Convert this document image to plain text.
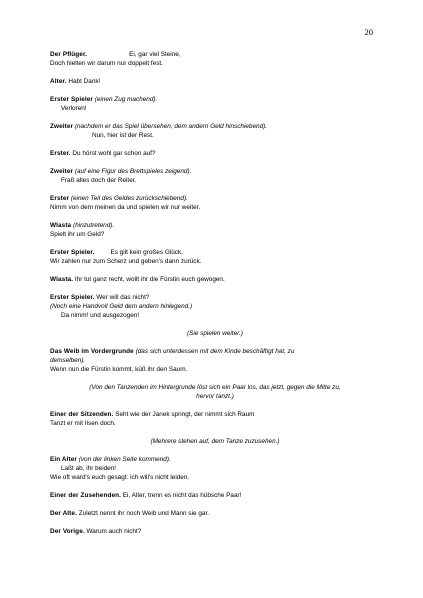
20
Der Pflüger.	Ei, gar viel Steine,
Doch hielten wir darum nur doppelt fest.
Alter. Habt Dank!
Erster Spieler (einen Zug machend).
Verloren!
Zweiter (nachdem er das Spiel übersehen, dem andern Geld hinschiebend).
Nun, hier ist der Rest.
Erster. Du hörst wohl gar schon auf?
Zweiter (auf eine Figur des Brettspieles zeigend).
Fraß alles doch der Reiter.
Erster (einen Teil des Geldes zurückschiebend).
Nimm von dem meinen da und spielen wir nur weiter.
Wlasta (hinzutretend).
Spielt ihr um Geld?
Erster Spieler.	Es gilt kein großes Glück,
Wir zahlen nur zum Scherz und geben's dann zurück.
Wlasta. Ihr tut ganz recht, wollt ihr die Fürstin euch gewogen.
Erster Spieler. Wer will das nicht?
(Noch eine Handvoll Geld dem andern hinlegend.)
Da nimm! und ausgezogen!
(Sie spielen weiter.)
Das Weib im Vordergrunde (das sich unterdessen mit dem Kinde beschäftigt hat, zu
demselben).
Wenn nun die Fürstin kommt, küß ihr den Saum.
(Von den Tanzenden im Hintergrunde löst sich ein Paar los, das jetzt, gegen die Mitte zu,
hervor tanzt.)
Einer der Sitzenden. Seht wie der Janek springt, der nimmt sich Raum
Tanzt er mit Ilsen doch.
(Mehrere stehen auf, dem Tanze zuzusehen.)
Ein Alter (von der linken Seite kommend).
Laßt ab, ihr beiden!
Wie oft ward's euch gesagt: ich will's nicht leiden.
Einer der Zusehenden. Ei, Alter, trenn es nicht das hübsche Paar!
Der Alte. Zuletzt nennt ihr noch Weib und Mann sie gar.
Der Vorige. Warum auch nicht?
